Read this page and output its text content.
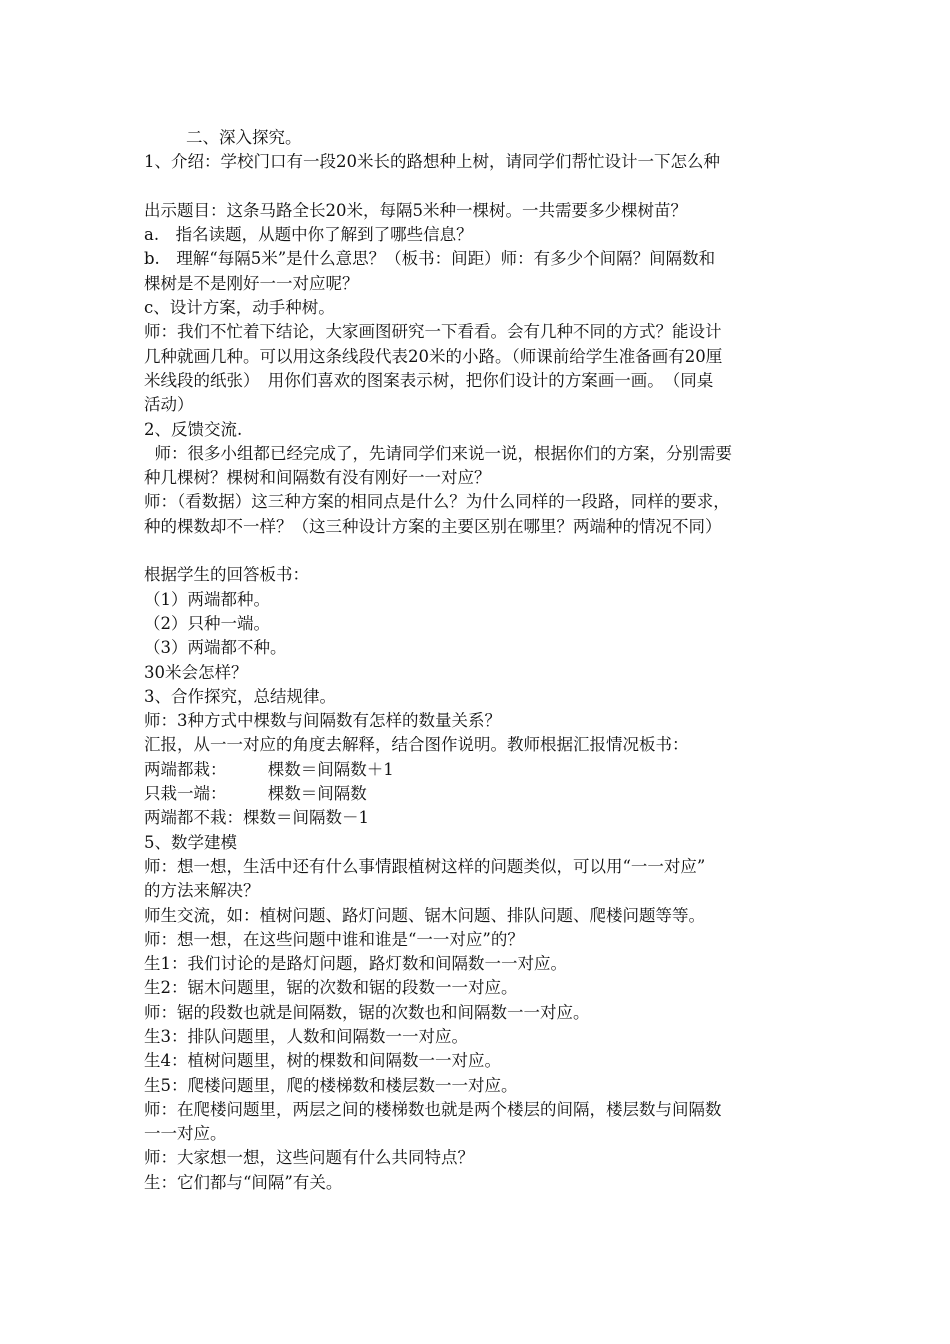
二、深入探究。
1、介绍：学校门口有一段20米长的路想种上树，请同学们帮忙设计一下怎么种
出示题目：这条马路全长20米，每隔5米种一棵树。一共需要多少棵树苗？
a.　指名读题，从题中你了解到了哪些信息？
b.　理解“每隔5米”是什么意思？（板书：间距）师：有多少个间隔？间隔数和
棵树是不是刚好一一对应呢？
c、设计方案，动手种树。
师：我们不忙着下结论，大家画图研究一下看看。会有几种不同的方式？能设计
几种就画几种。可以用这条线段代表20米的小路。（师课前给学生准备画有20厘
米线段的纸张）　用你们喜欢的图案表示树，把你们设计的方案画一画。　（同桌
活动）
2、反馈交流.
师：很多小组都已经完成了，先请同学们来说一说，根据你们的方案，分别需要
种几棵树？棵树和间隔数有没有刚好一一对应？
师：（看数据）这三种方案的相同点是什么？为什么同样的一段路，同样的要求，
种的棵数却不一样？（这三种设计方案的主要区别在哪里？两端种的情况不同）
根据学生的回答板书：
（1）两端都种。
（2）只种一端。
（3）两端都不种。
30米会怎样？
3、合作探究，总结规律。
师：3种方式中棵数与间隔数有怎样的数量关系？
汇报，从一一对应的角度去解释，结合图作说明。教师根据汇报情况板书：
两端都栽：　　　棵数＝间隔数＋1
只栽一端：　　　棵数＝间隔数
两端都不栽：棵数＝间隔数－1
5、数学建模
师：想一想，生活中还有什么事情跟植树这样的问题类似，可以用“一一对应”
的方法来解决？
师生交流，如：植树问题、路灯问题、锯木问题、排队问题、爬楼问题等等。
师：想一想，在这些问题中谁和谁是“一一对应”的？
生1：我们讨论的是路灯问题，路灯数和间隔数一一对应。
生2：锯木问题里，锯的次数和锯的段数一一对应。
师：锯的段数也就是间隔数，锯的次数也和间隔数一一对应。
生3：排队问题里，人数和间隔数一一对应。
生4：植树问题里，树的棵数和间隔数一一对应。
生5：爬楼问题里，爬的楼梯数和楼层数一一对应。
师：在爬楼问题里，两层之间的楼梯数也就是两个楼层的间隔，楼层数与间隔数
一一对应。
师：大家想一想，这些问题有什么共同特点？
生：它们都与“间隔”有关。
